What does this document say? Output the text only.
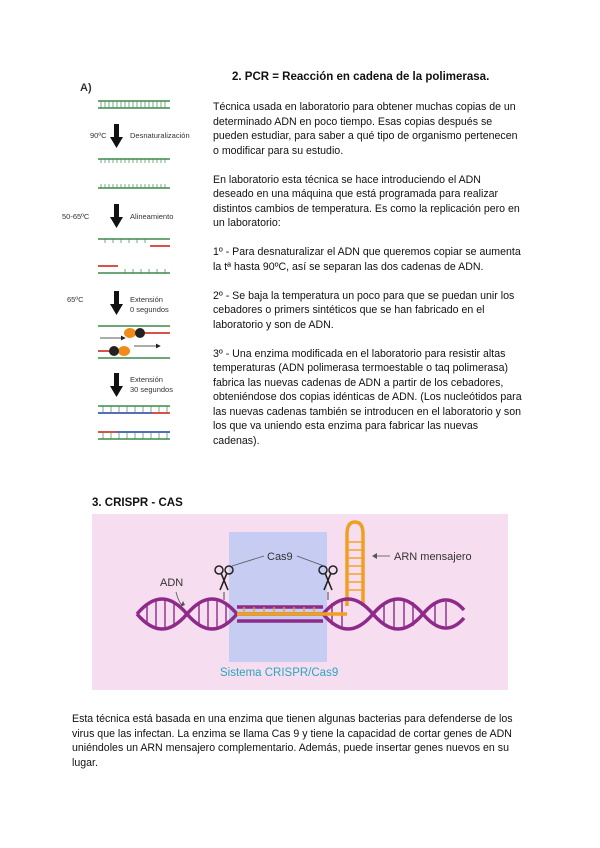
A)
90ºC	Desnaturalización
50-65ºC	Alineamiento
65ºC	Extensión
0 segundos
Extensión
30 segundos
2. PCR = Reacción en cadena de la polimerasa.

Técnica usada en laboratorio para obtener muchas copias de un determinado ADN en poco tiempo. Esas copias después se pueden estudiar, para saber a qué tipo de organismo pertenecen o modificar para su estudio.

En laboratorio esta técnica se hace introduciendo el ADN deseado en una máquina que está programada para realizar distintos cambios de temperatura. Es como la replicación pero en un laboratorio:

1º - Para desnaturalizar el ADN que queremos copiar se aumenta la tª hasta 90ºC, así se separan las dos cadenas de ADN.

2º - Se baja la temperatura un poco para que se puedan unir los cebadores o primers sintéticos que se han fabricado en el laboratorio y son de ADN.

3º - Una enzima modificada en el laboratorio para resistir altas temperaturas (ADN polimerasa termoestable o taq polimerasa) fabrica las nuevas cadenas de ADN a partir de los cebadores, obteniéndose dos copias idénticas de ADN. (Los nucleótidos para las nuevas cadenas también se introducen en el laboratorio y son los que va uniendo esta enzima para fabricar las nuevas cadenas).

3. CRISPR - CAS
Cas9
ADN
ARN mensajero
Sistema CRISPR/Cas9
Esta técnica está basada en una enzima que tienen algunas bacterias para defenderse de los virus que las infectan. La enzima se llama Cas 9 y tiene la capacidad de cortar genes de ADN uniéndoles un ARN mensajero complementario. Además, puede insertar genes nuevos en su lugar.
